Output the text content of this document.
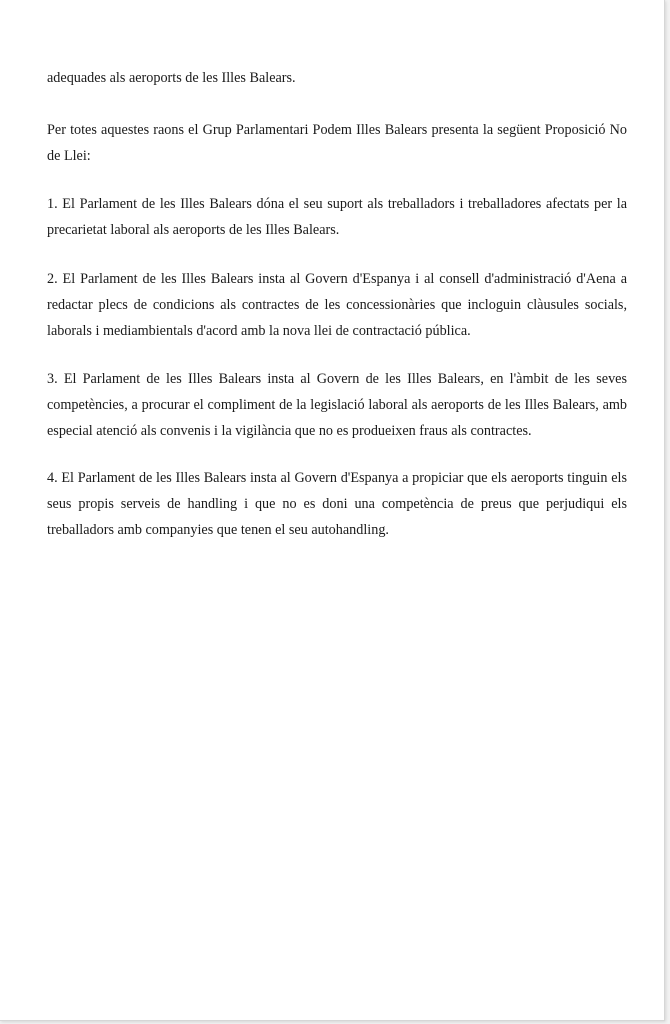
adequades als aeroports de les Illes Balears.

Per totes aquestes raons el Grup Parlamentari Podem Illes Balears presenta la següent Proposició No de Llei:

1. El Parlament de les Illes Balears dóna el seu suport als treballadors i treballadores afectats per la precarietat laboral als aeroports de les Illes Balears.

2. El Parlament de les Illes Balears insta al Govern d'Espanya i al consell d'administració d'Aena a redactar plecs de condicions als contractes de les concessionàries que incloguin clàusules socials, laborals i mediambientals d'acord amb la nova llei de contractació pública.

3. El Parlament de les Illes Balears insta al Govern de les Illes Balears, en l'àmbit de les seves competències, a procurar el compliment de la legislació laboral als aeroports de les Illes Balears, amb especial atenció als convenis i la vigilància que no es produeixen fraus als contractes.

4. El Parlament de les Illes Balears insta al Govern d'Espanya a propiciar que els aeroports tinguin els seus propis serveis de handling i que no es doni una competència de preus que perjudiqui els treballadors amb companyies que tenen el seu autohandling.
